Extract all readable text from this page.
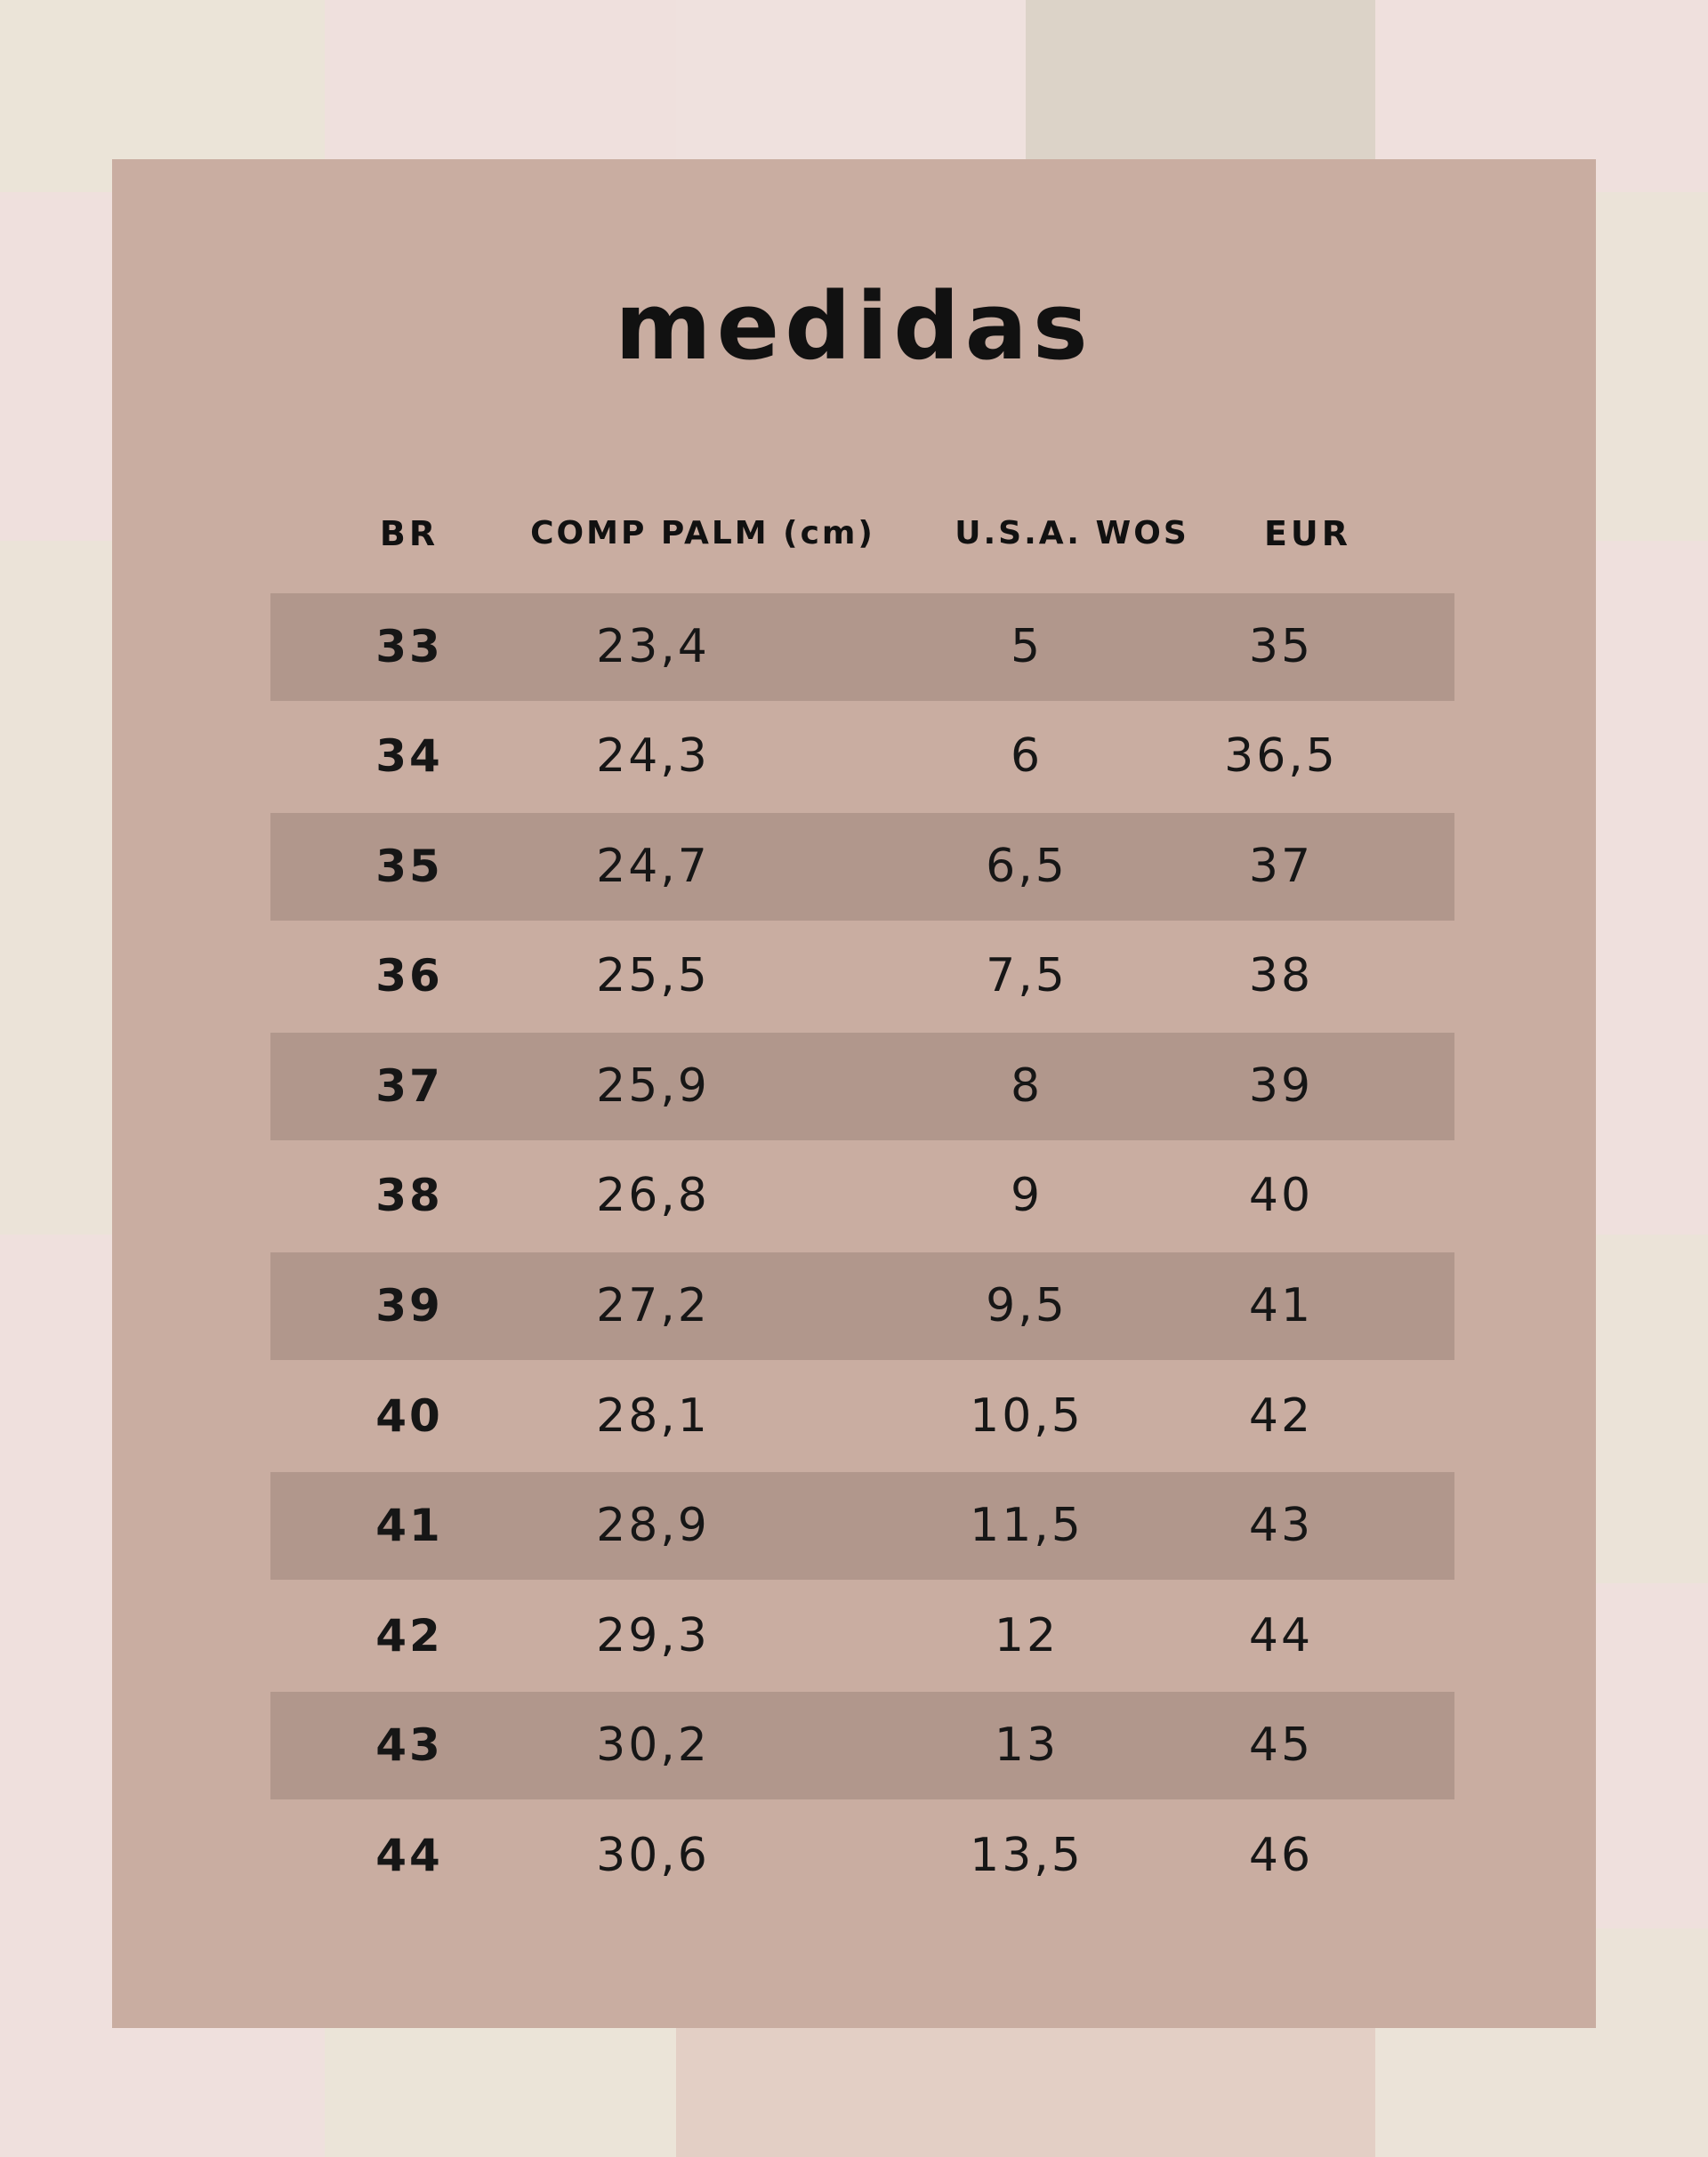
medidas
BR	COMP PALM (cm)	U.S.A. WOS	EUR
33	23,4	5	35
34	24,3	6	36,5
35	24,7	6,5	37
36	25,5	7,5	38
37	25,9	8	39
38	26,8	9	40
39	27,2	9,5	41
40	28,1	10,5	42
41	28,9	11,5	43
42	29,3	12	44
43	30,2	13	45
44	30,6	13,5	46
